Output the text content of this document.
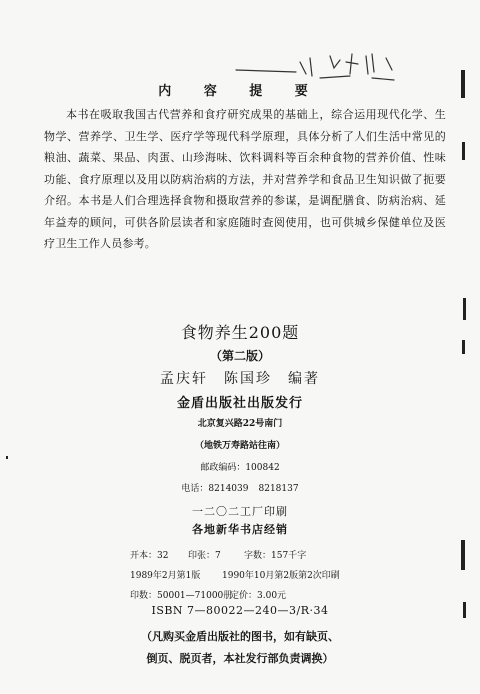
内 容 提 要

本书在吸取我国古代营养和食疗研究成果的基础上，综合运用现代化学、生物学、营养学、卫生学、医疗学等现代科学原理，具体分析了人们生活中常见的粮油、蔬菜、果品、肉蛋、山珍海味、饮料调料等百余种食物的营养价值、性味功能、食疗原理以及用以防病治病的方法，并对营养学和食品卫生知识做了扼要介绍。本书是人们合理选择食物和摄取营养的参谋，是调配膳食、防病治病、延年益寿的顾问，可供各阶层读者和家庭随时查阅使用，也可供城乡保健单位及医疗卫生工作人员参考。

食物养生200题
（第二版）
孟庆轩 陈国珍 编著
金盾出版社出版发行
北京复兴路22号南门
（地铁万寿路站往南）
邮政编码：100842
电话：8214039 8218137
一二〇二工厂印刷
各地新华书店经销
开本：32 印张：7	字数：157千字
1989年2月第1版 1990年10月第2版第2次印刷
印数：50001—71000册定价：3.00元
ISBN 7—80022—240—3/R·34
（凡购买金盾出版社的图书，如有缺页、
倒页、脱页者，本社发行部负责调换）
